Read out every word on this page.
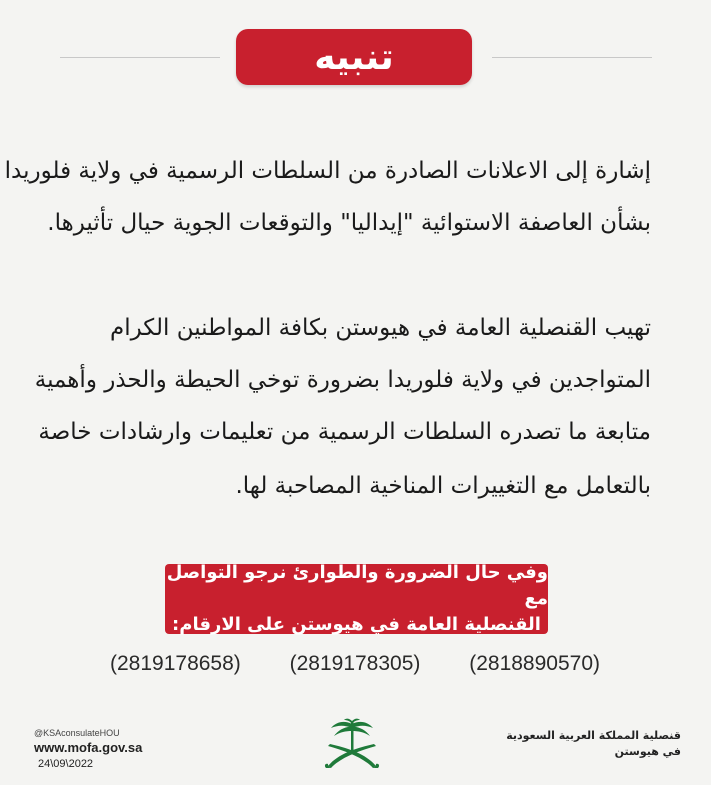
تنبيه
إشارة إلى الاعلانات الصادرة من السلطات الرسمية في ولاية فلوريدا
بشأن العاصفة الاستوائية "إيداليا" والتوقعات الجوية حيال تأثيرها.
تهيب القنصلية العامة في هيوستن بكافة المواطنين الكرام
المتواجدين في ولاية فلوريدا بضرورة توخي الحيطة والحذر وأهمية
متابعة ما تصدره السلطات الرسمية من تعليمات وارشادات خاصة
بالتعامل مع التغييرات المناخية المصاحبة لها.
وفي حال الضرورة والطوارئ نرجو التواصل مع
القنصلية العامة في هيوستن على الارقام:
(2819178658) (2819178305) (2818890570)
@KSAconsulateHOU
www.mofa.gov.sa
24\09\2022
قنصلية المملكة العربية السعودية
في هيوستن
